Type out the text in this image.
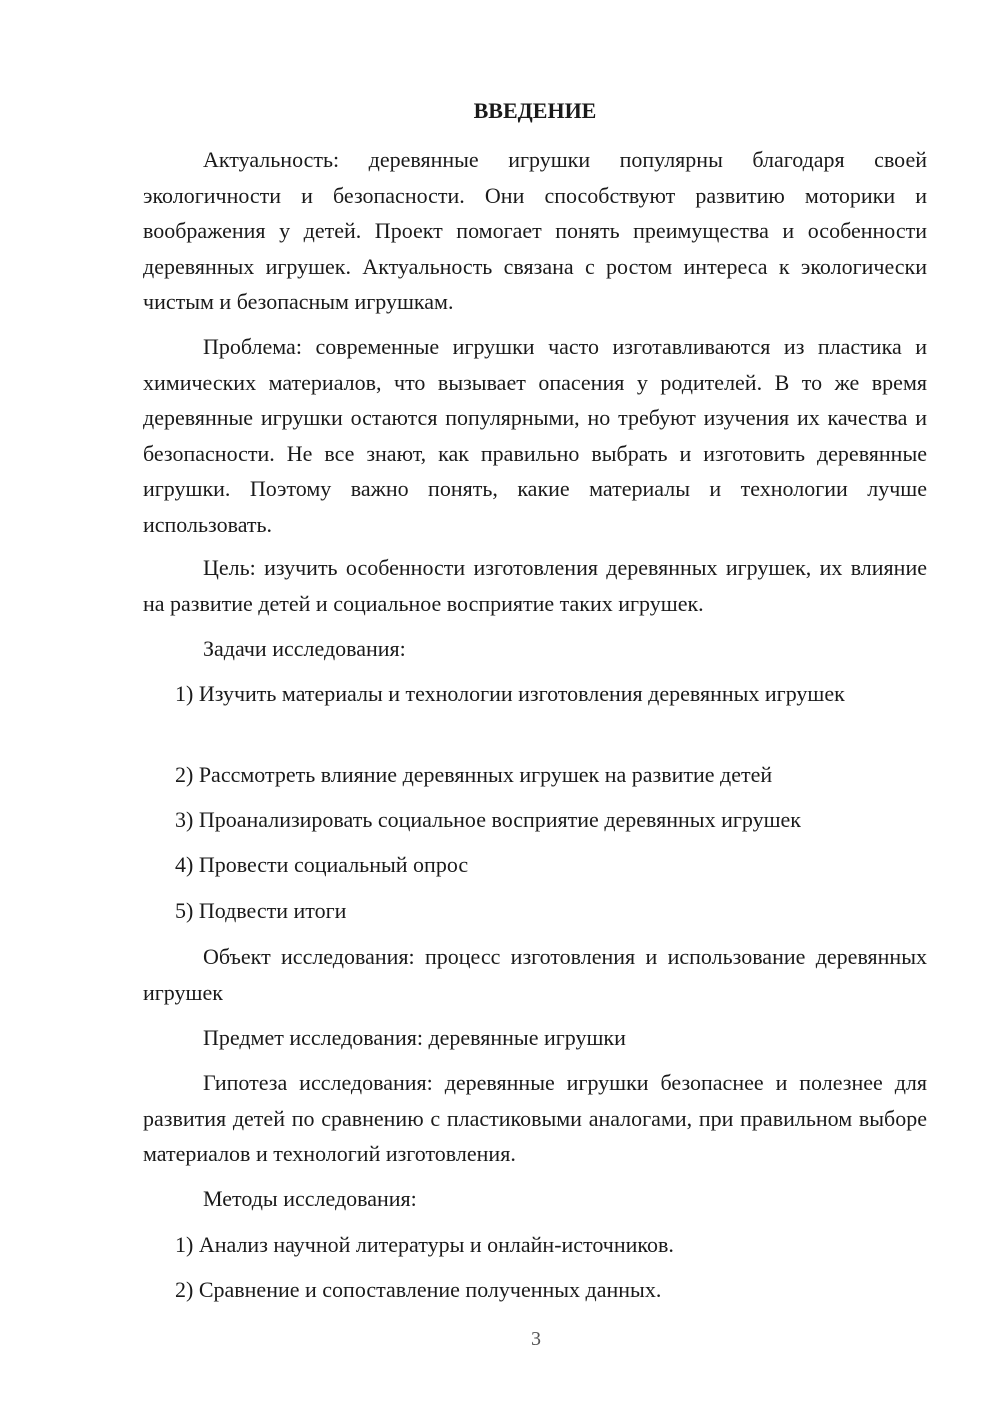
ВВЕДЕНИЕ

Актуальность: деревянные игрушки популярны благодаря своей экологичности и безопасности. Они способствуют развитию моторики и воображения у детей. Проект помогает понять преимущества и особенности деревянных игрушек. Актуальность связана с ростом интереса к экологически чистым и безопасным игрушкам.

Проблема: современные игрушки часто изготавливаются из пластика и химических материалов, что вызывает опасения у родителей. В то же время деревянные игрушки остаются популярными, но требуют изучения их качества и безопасности. Не все знают, как правильно выбрать и изготовить деревянные игрушки. Поэтому важно понять, какие материалы и технологии лучше использовать.

Цель: изучить особенности изготовления деревянных игрушек, их влияние на развитие детей и социальное восприятие таких игрушек.

Задачи исследования:

1) Изучить материалы и технологии изготовления деревянных игрушек

2) Рассмотреть влияние деревянных игрушек на развитие детей

3) Проанализировать социальное восприятие деревянных игрушек

4) Провести социальный опрос

5) Подвести итоги

Объект исследования: процесс изготовления и использование деревянных игрушек

Предмет исследования: деревянные игрушки

Гипотеза исследования: деревянные игрушки безопаснее и полезнее для развития детей по сравнению с пластиковыми аналогами, при правильном выборе материалов и технологий изготовления.

Методы исследования:

1) Анализ научной литературы и онлайн-источников.

2) Сравнение и сопоставление полученных данных.

3
